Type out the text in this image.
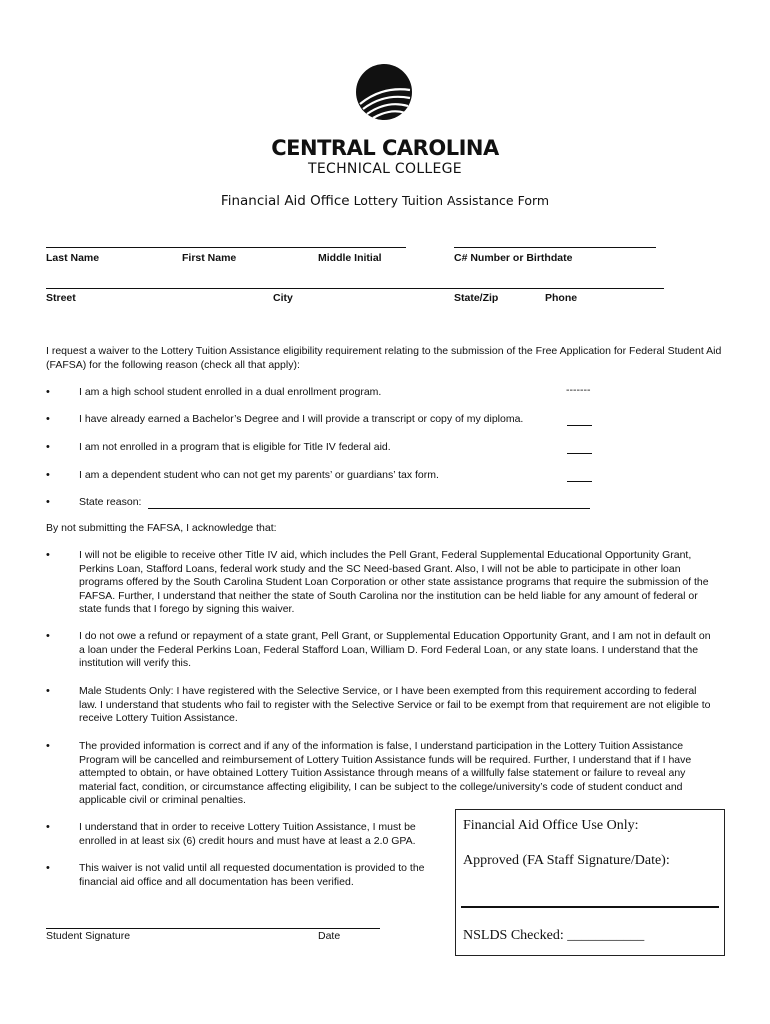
CENTRAL CAROLINA
TECHNICAL COLLEGE
Financial Aid Office Lottery Tuition Assistance Form
Last Name	First Name	Middle Initial	C# Number or Birthdate
Street	City	State/Zip	Phone
I request a waiver to the Lottery Tuition Assistance eligibility requirement relating to the submission of the Free Application for Federal Student Aid (FAFSA) for the following reason (check all that apply):
•	I am a high school student enrolled in a dual enrollment program.	-------
•	I have already earned a Bachelor’s Degree and I will provide a transcript or copy of my diploma.
•	I am not enrolled in a program that is eligible for Title IV federal aid.
•	I am a dependent student who can not get my parents’ or guardians’ tax form.
•	State reason:
By not submitting the FAFSA, I acknowledge that:
•	I will not be eligible to receive other Title IV aid, which includes the Pell Grant, Federal Supplemental Educational Opportunity Grant, Perkins Loan, Stafford Loans, federal work study and the SC Need-based Grant. Also, I will not be able to participate in other loan programs offered by the South Carolina Student Loan Corporation or other state assistance programs that require the submission of the FAFSA. Further, I understand that neither the state of South Carolina nor the institution can be held liable for any amount of federal or state funds that I forego by signing this waiver.
•	I do not owe a refund or repayment of a state grant, Pell Grant, or Supplemental Education Opportunity Grant, and I am not in default on a loan under the Federal Perkins Loan, Federal Stafford Loan, William D. Ford Federal Loan, or any state loans. I understand that the institution will verify this.
•	Male Students Only: I have registered with the Selective Service, or I have been exempted from this requirement according to federal law. I understand that students who fail to register with the Selective Service or fail to be exempt from that requirement are not eligible to receive Lottery Tuition Assistance.
•	The provided information is correct and if any of the information is false, I understand participation in the Lottery Tuition Assistance Program will be cancelled and reimbursement of Lottery Tuition Assistance funds will be required. Further, I understand that if I have attempted to obtain, or have obtained Lottery Tuition Assistance through means of a willfully false statement or failure to reveal any material fact, condition, or circumstance affecting eligibility, I can be subject to the college/university’s code of student conduct and applicable civil or criminal penalties.
•	I understand that in order to receive Lottery Tuition Assistance, I must be enrolled in at least six (6) credit hours and must have at least a 2.0 GPA.
•	This waiver is not valid until all requested documentation is provided to the financial aid office and all documentation has been verified.
Student Signature	Date
Financial Aid Office Use Only:
Approved (FA Staff Signature/Date):
NSLDS Checked: ___________
